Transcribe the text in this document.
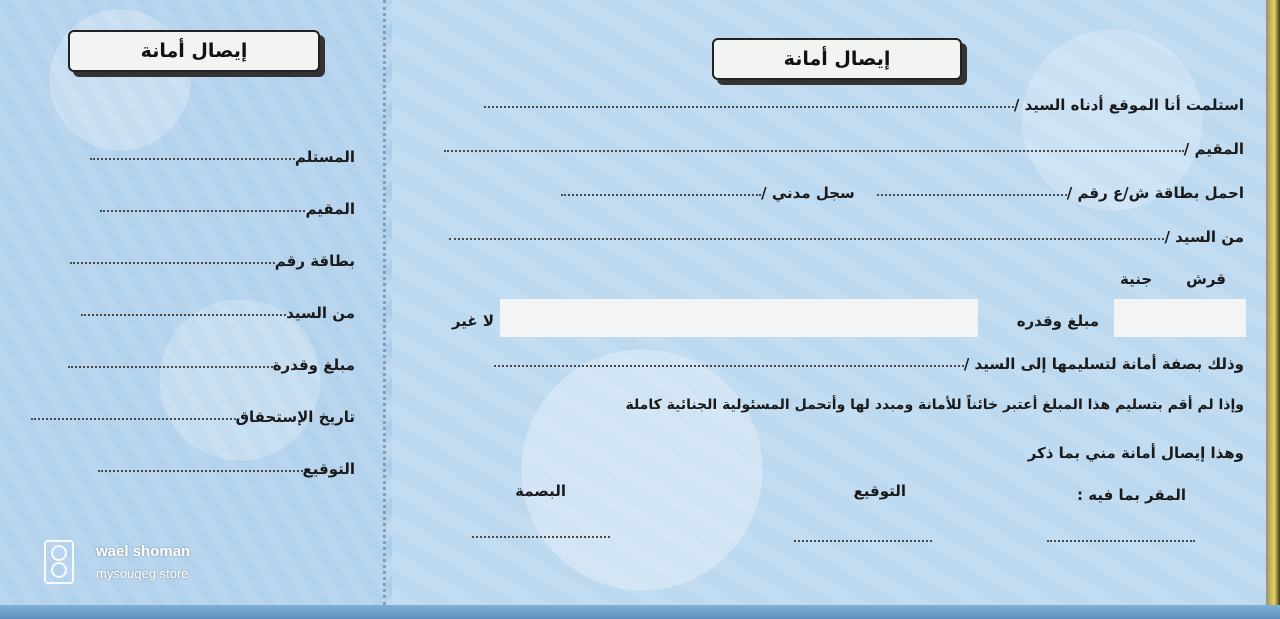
إيصال أمانة
المستلم
المقيم
بطاقة رقم
من السيد
مبلغ وقدرة
تاريخ الإستحقاق
التوقيع
wael shoman
mysouqeg store
إيصال أمانة
استلمت أنا الموقع أدناه السيد /
المقيم /
احمل بطاقة ش/ع رقم /
سجل مدني /
من السيد /
قرش
جنية
مبلغ وقدره
لا غير
وذلك بصفة أمانة لتسليمها إلى السيد /
وإذا لم أقم بتسليم هذا المبلغ أعتبر خائناً للأمانة ومبدد لها وأتحمل المسئولية الجنائية كاملة
وهذا إيصال أمانة مني بما ذكر
المقر بما فيه :
التوقيع
البصمة
